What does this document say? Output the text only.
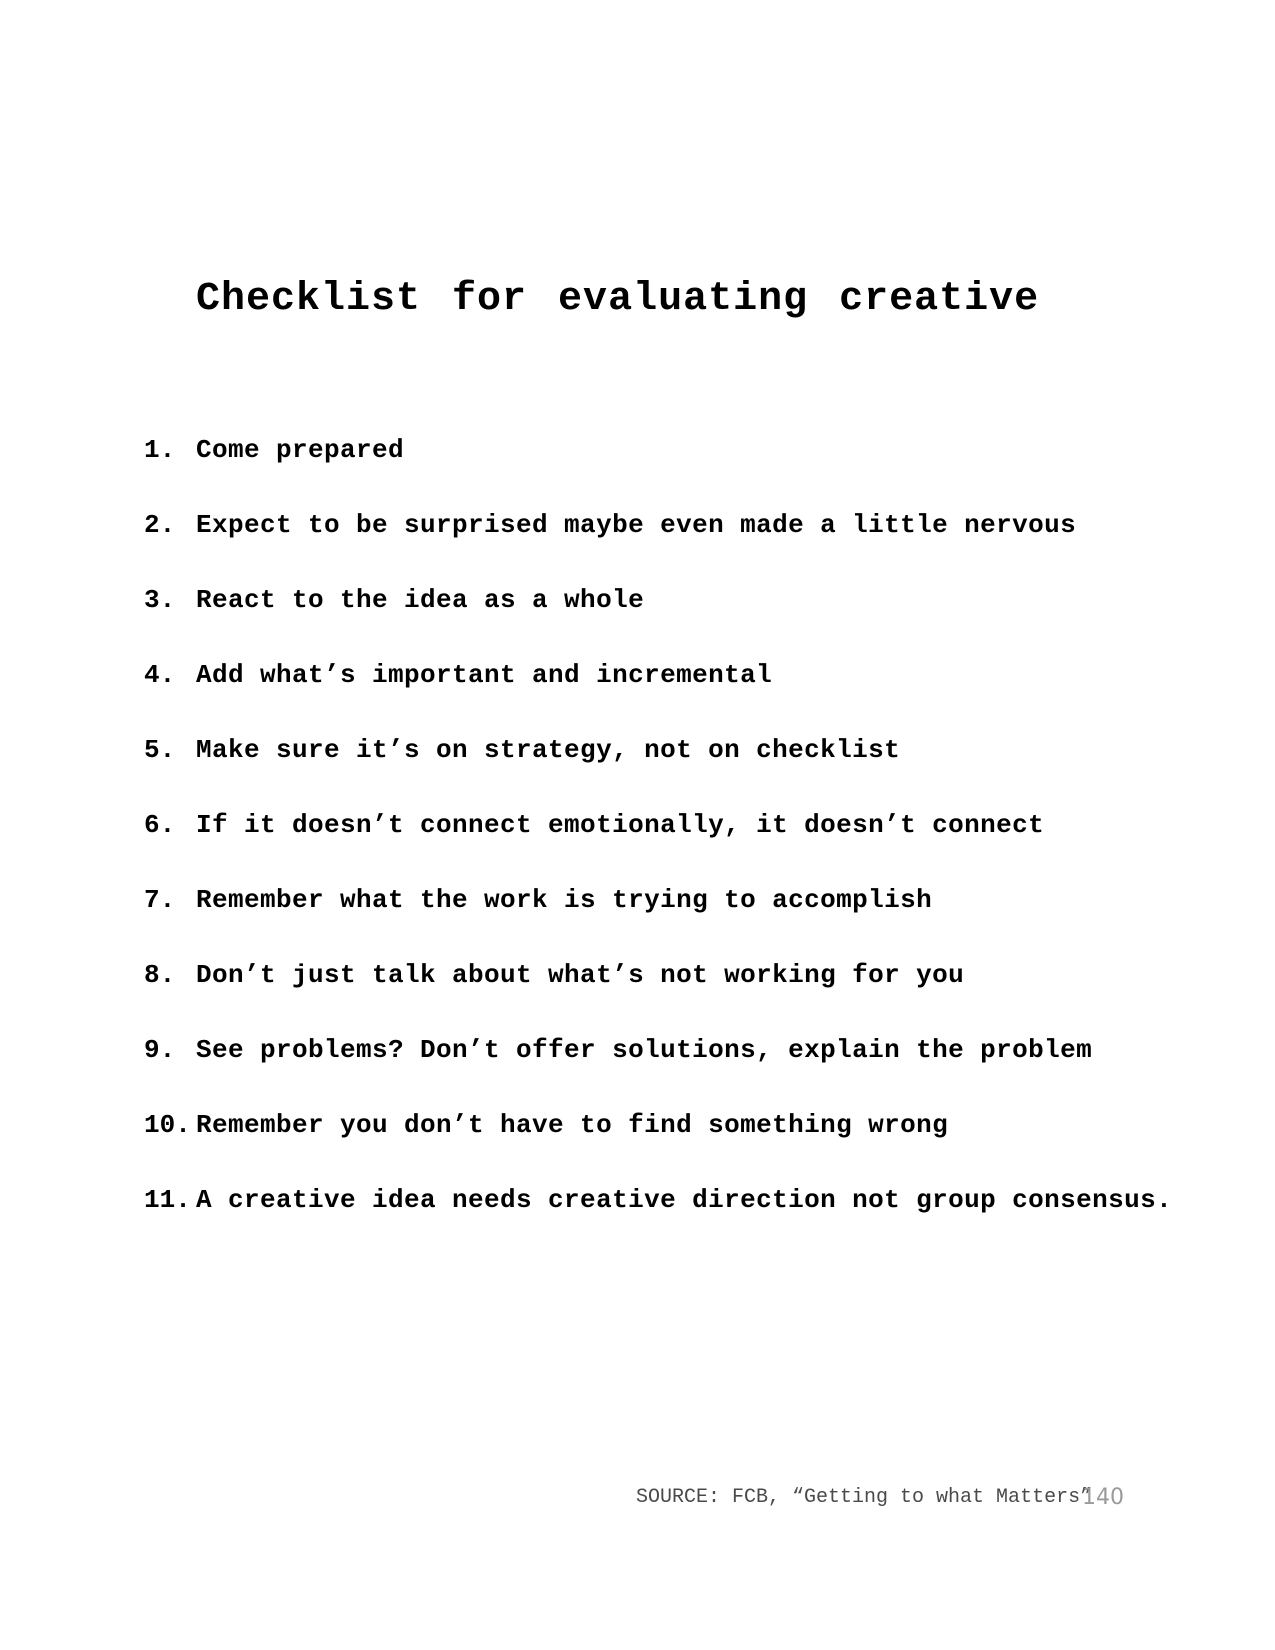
Checklist for evaluating creative
1. Come prepared
2. Expect to be surprised maybe even made a little nervous
3. React to the idea as a whole
4. Add what’s important and incremental
5. Make sure it’s on strategy, not on checklist
6. If it doesn’t connect emotionally, it doesn’t connect
7. Remember what the work is trying to accomplish
8. Don’t just talk about what’s not working for you
9. See problems? Don’t offer solutions, explain the problem
10. Remember you don’t have to find something wrong
11. A creative idea needs creative direction not group consensus.
SOURCE: FCB, “Getting to what Matters”
140
